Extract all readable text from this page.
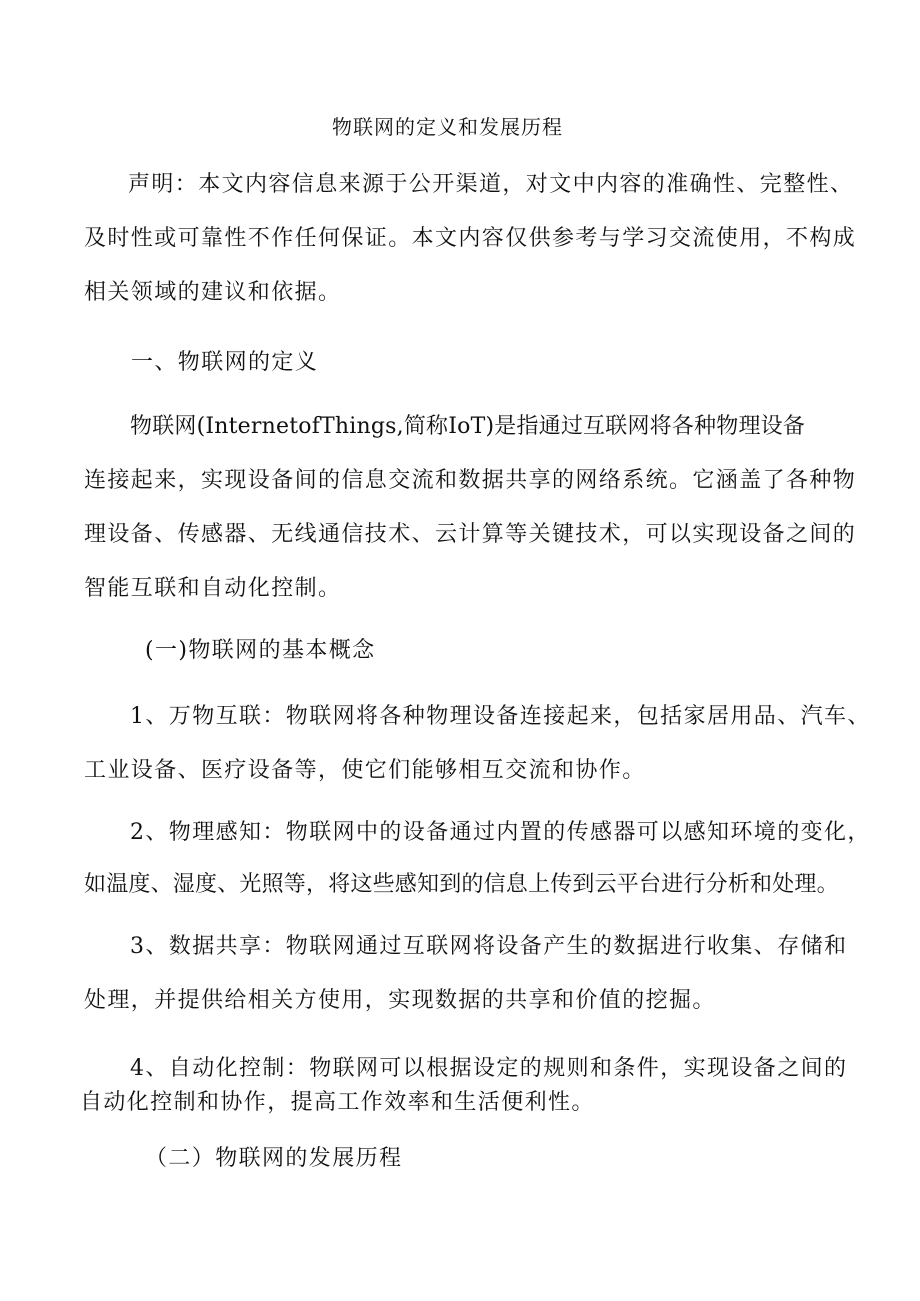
物联网的定义和发展历程
声明：本文内容信息来源于公开渠道，对文中内容的准确性、完整性、
及时性或可靠性不作任何保证。本文内容仅供参考与学习交流使用，不构成
相关领域的建议和依据。
一、物联网的定义
物联网(InternetofThings,简称IoT)是指通过互联网将各种物理设备
连接起来，实现设备间的信息交流和数据共享的网络系统。它涵盖了各种物
理设备、传感器、无线通信技术、云计算等关键技术，可以实现设备之间的
智能互联和自动化控制。
(一)物联网的基本概念
1、万物互联：物联网将各种物理设备连接起来，包括家居用品、汽车、
工业设备、医疗设备等，使它们能够相互交流和协作。
2、物理感知：物联网中的设备通过内置的传感器可以感知环境的变化，
如温度、湿度、光照等，将这些感知到的信息上传到云平台进行分析和处理。
3、数据共享：物联网通过互联网将设备产生的数据进行收集、存储和
处理，并提供给相关方使用，实现数据的共享和价值的挖掘。
4、自动化控制：物联网可以根据设定的规则和条件，实现设备之间的
自动化控制和协作，提高工作效率和生活便利性。
（二）物联网的发展历程
